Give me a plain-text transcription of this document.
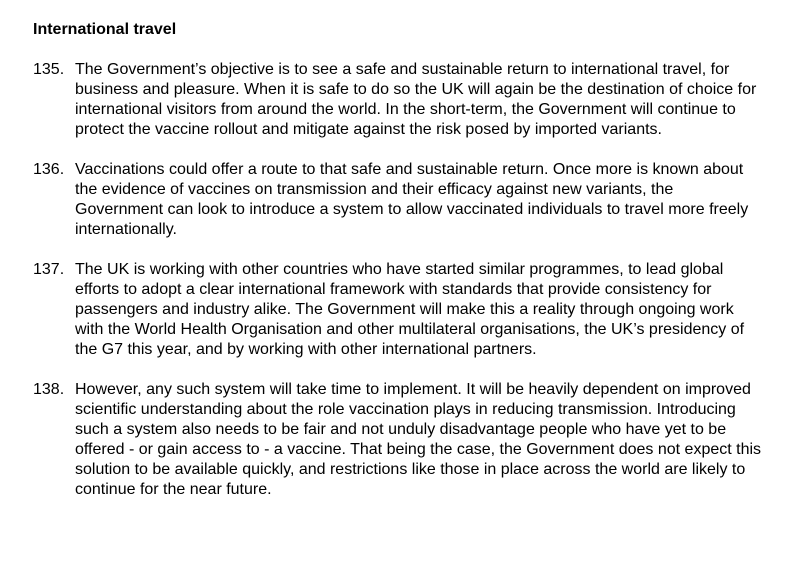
International travel
135. The Government’s objective is to see a safe and sustainable return to international travel, for business and pleasure. When it is safe to do so the UK will again be the destination of choice for international visitors from around the world. In the short-term, the Government will continue to protect the vaccine rollout and mitigate against the risk posed by imported variants.
136. Vaccinations could offer a route to that safe and sustainable return. Once more is known about the evidence of vaccines on transmission and their efficacy against new variants, the Government can look to introduce a system to allow vaccinated individuals to travel more freely internationally.
137. The UK is working with other countries who have started similar programmes, to lead global efforts to adopt a clear international framework with standards that provide consistency for passengers and industry alike. The Government will make this a reality through ongoing work with the World Health Organisation and other multilateral organisations, the UK’s presidency of the G7 this year, and by working with other international partners.
138. However, any such system will take time to implement. It will be heavily dependent on improved scientific understanding about the role vaccination plays in reducing transmission. Introducing such a system also needs to be fair and not unduly disadvantage people who have yet to be offered - or gain access to - a vaccine. That being the case, the Government does not expect this solution to be available quickly, and restrictions like those in place across the world are likely to continue for the near future.
